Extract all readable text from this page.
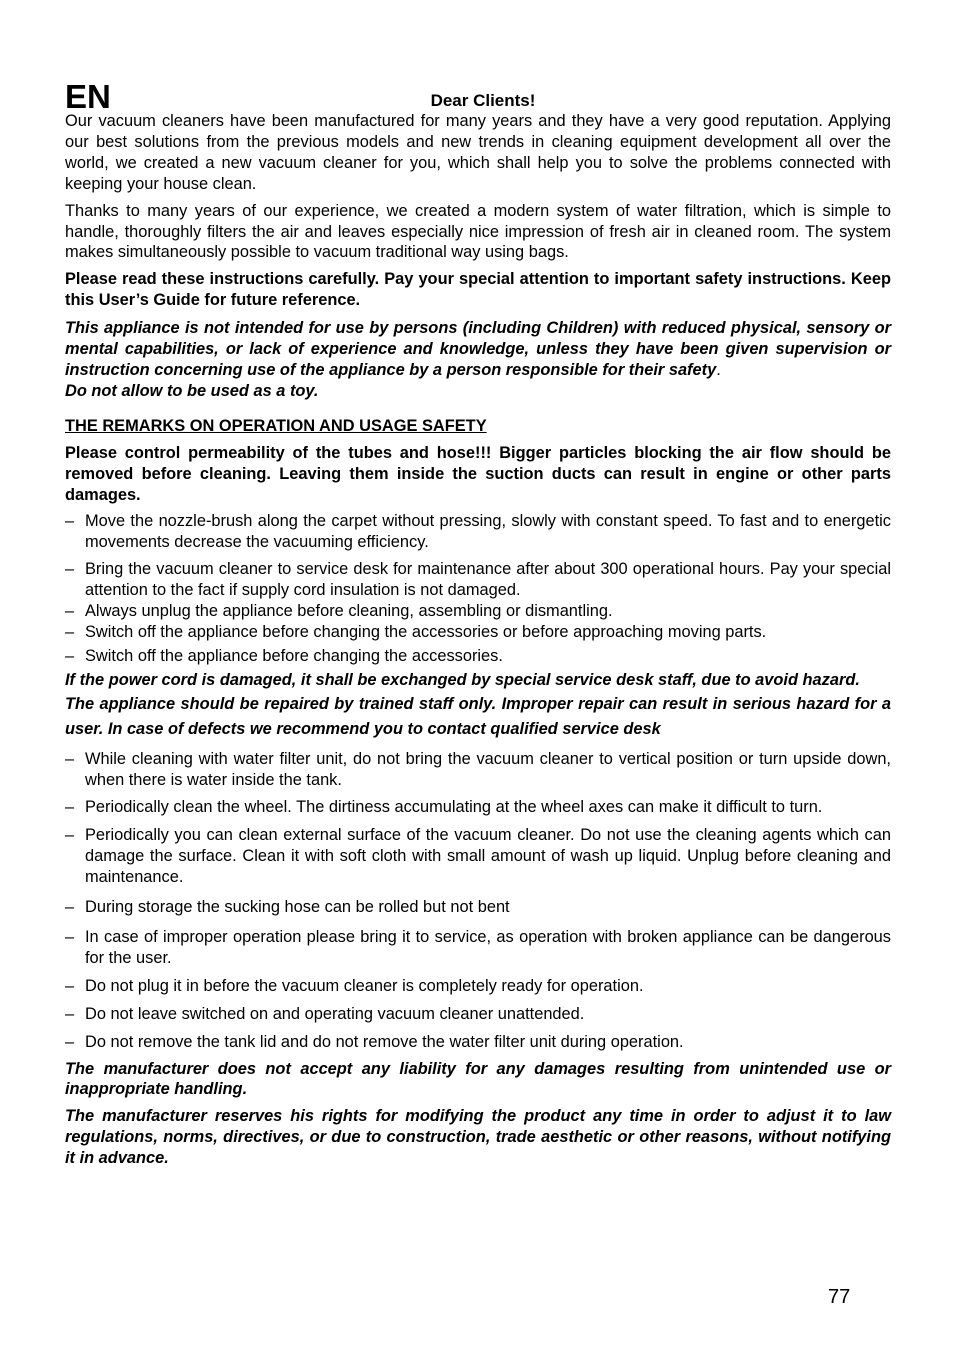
EN	Dear Clients!

Our vacuum cleaners have been manufactured for many years and they have a very good reputation. Applying our best solutions from the previous models and new trends in cleaning equipment development all over the world, we created a new vacuum cleaner for you, which shall help you to solve the problems connected with keeping your house clean.

Thanks to many years of our experience, we created a modern system of water filtration, which is simple to handle, thoroughly filters the air and leaves especially nice impression of fresh air in cleaned room. The system makes simultaneously possible to vacuum traditional way using bags.

Please read these instructions carefully. Pay your special attention to important safety instructions. Keep this User’s Guide for future reference.

This appliance is not intended for use by persons (including Children) with reduced physical, sensory or mental capabilities, or lack of experience and knowledge, unless they have been given supervision or instruction concerning use of the appliance by a person responsible for their safety.

Do not allow to be used as a toy.

THE REMARKS ON OPERATION AND USAGE SAFETY

Please control permeability of the tubes and hose!!! Bigger particles blocking the air flow should be removed before cleaning. Leaving them inside the suction ducts can result in engine or other parts damages.

– Move the nozzle-brush along the carpet without pressing, slowly with constant speed. To fast and to energetic movements decrease the vacuuming efficiency.
– Bring the vacuum cleaner to service desk for maintenance after about 300 operational hours. Pay your special attention to the fact if supply cord insulation is not damaged.
– Always unplug the appliance before cleaning, assembling or dismantling.
– Switch off the appliance before changing the accessories or before approaching moving parts.
– Switch off the appliance before changing the accessories.

If the power cord is damaged, it shall be exchanged by special service desk staff, due to avoid hazard.

The appliance should be repaired by trained staff only. Improper repair can result in serious hazard for a user. In case of defects we recommend you to contact qualified service desk

– While cleaning with water filter unit, do not bring the vacuum cleaner to vertical position or turn upside down, when there is water inside the tank.
– Periodically clean the wheel. The dirtiness accumulating at the wheel axes can make it difficult to turn.
– Periodically you can clean external surface of the vacuum cleaner. Do not use the cleaning agents which can damage the surface. Clean it with soft cloth with small amount of wash up liquid. Unplug before cleaning and maintenance.
– During storage the sucking hose can be rolled but not bent
– In case of improper operation please bring it to service, as operation with broken appliance can be dangerous for the user.
– Do not plug it in before the vacuum cleaner is completely ready for operation.
– Do not leave switched on and operating vacuum cleaner unattended.
– Do not remove the tank lid and do not remove the water filter unit during operation.

The manufacturer does not accept any liability for any damages resulting from unintended use or inappropriate handling.

The manufacturer reserves his rights for modifying the product any time in order to adjust it to law regulations, norms, directives, or due to construction, trade aesthetic or other reasons, without notifying it in advance.

77
